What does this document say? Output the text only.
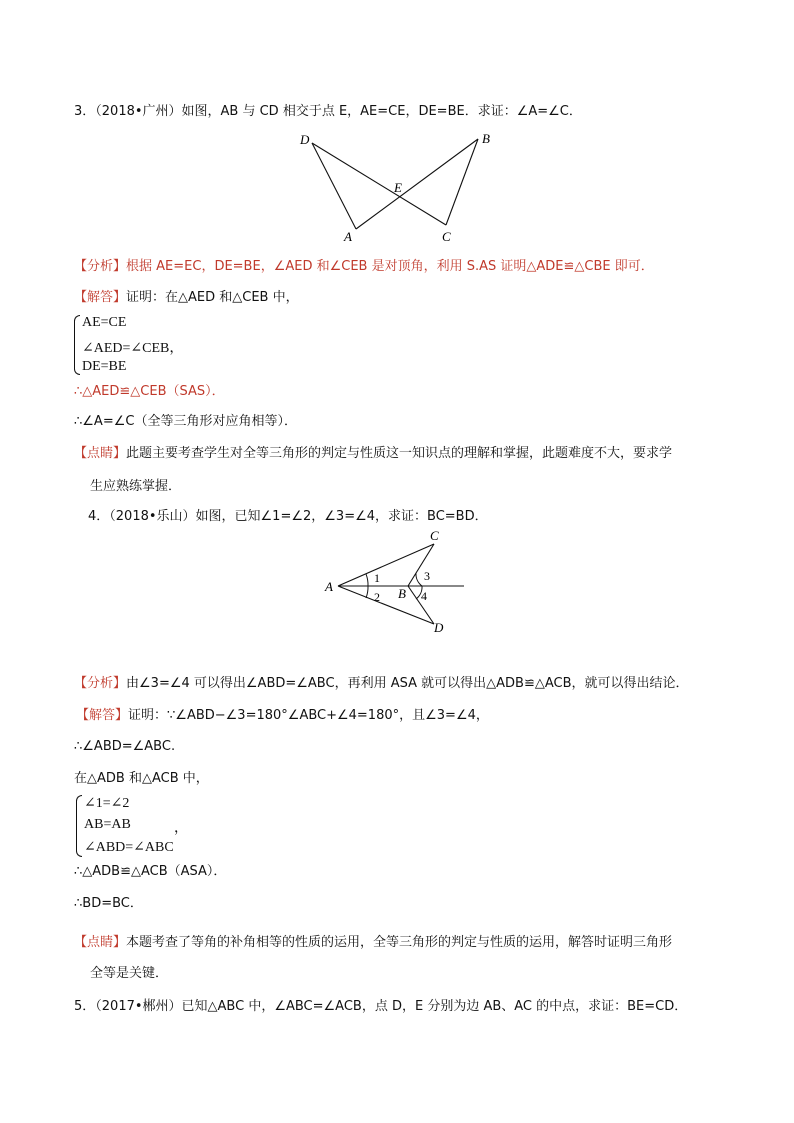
3．（2018•广州）如图，AB 与 CD 相交于点 E，AE=CE，DE=BE．求证：∠A=∠C．
D	B
E
A	C
【分析】根据 AE=EC，DE=BE，∠AED 和∠CEB 是对顶角，利用 S.AS 证明△ADE≌△CBE 即可．
【解答】证明：在△AED 和△CEB 中，
AE=CE
∠AED=∠CEB，
DE=BE
∴△AED≌△CEB（SAS）．
∴∠A=∠C（全等三角形对应角相等）．
【点睛】此题主要考查学生对全等三角形的判定与性质这一知识点的理解和掌握，此题难度不大，要求学
生应熟练掌握．
4．（2018•乐山）如图，已知∠1=∠2，∠3=∠4，求证：BC=BD．
1
2
3
4
A	B
C
D
【分析】由∠3=∠4 可以得出∠ABD=∠ABC，再利用 ASA 就可以得出△ADB≌△ACB，就可以得出结论．
【解答】证明：∵∠ABD−∠3=180°∠ABC+∠4=180°，且∠3=∠4，
∴∠ABD=∠ABC.
在△ADB 和△ACB 中，
∠1=∠2
AB=AB	，
∠ABD=∠ABC
∴△ADB≌△ACB（ASA）．
∴BD=BC．
【点睛】本题考查了等角的补角相等的性质的运用，全等三角形的判定与性质的运用，解答时证明三角形
全等是关键．
5．（2017•郴州）已知△ABC 中，∠ABC=∠ACB，点 D，E 分别为边 AB、AC 的中点，求证：BE=CD．
